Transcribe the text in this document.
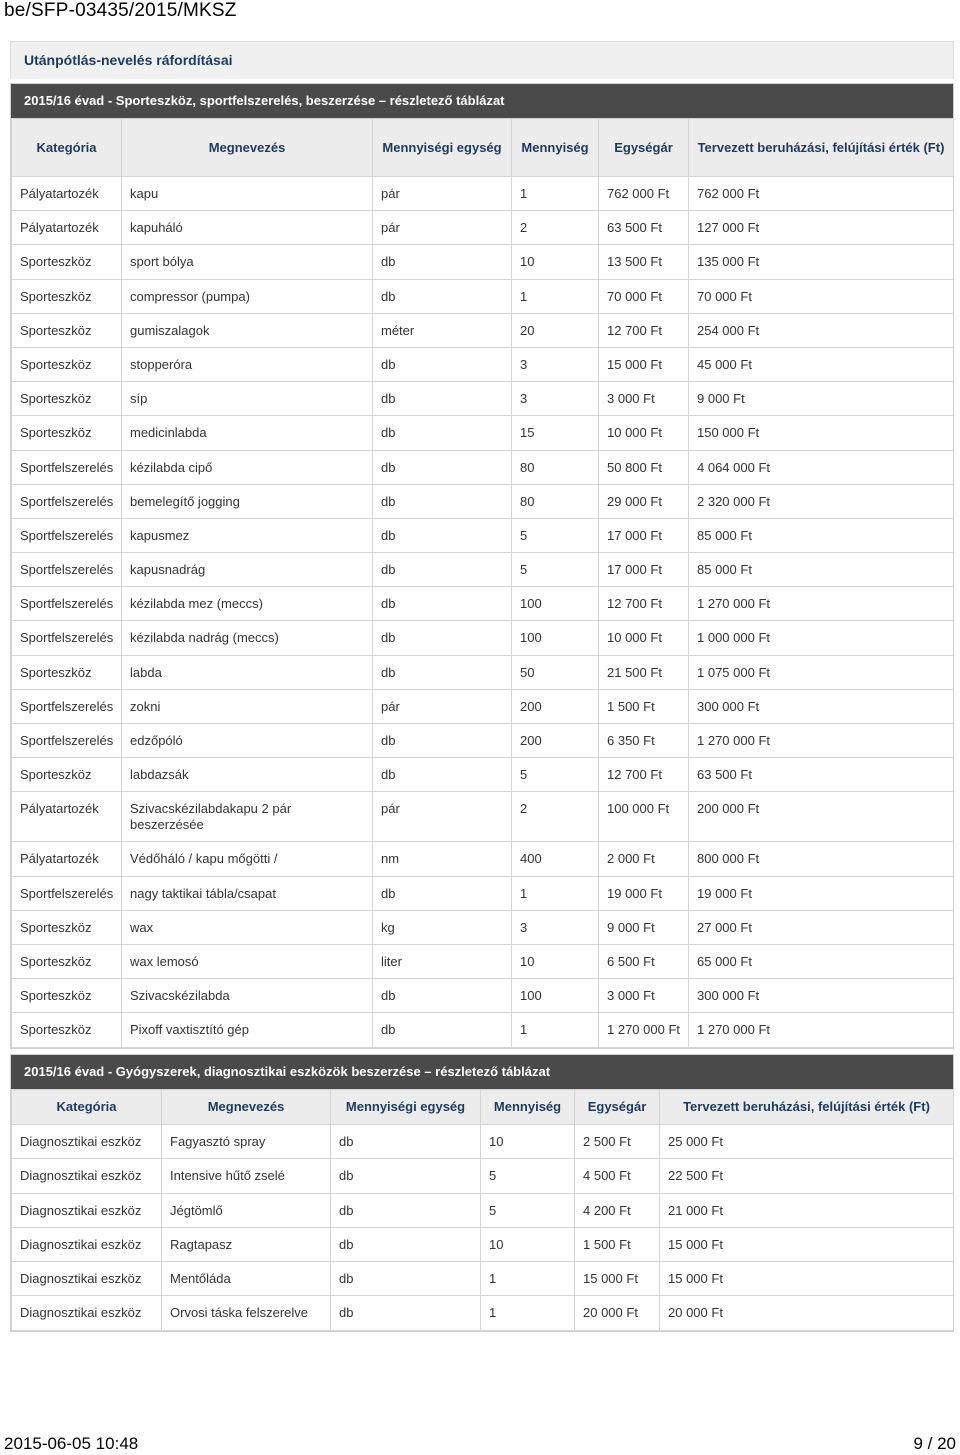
be/SFP-03435/2015/MKSZ
Utánpótlás-nevelés ráfordításai
2015/16 évad - Sporteszköz, sportfelszerelés, beszerzése – részletező táblázat
Kategória	Megnevezés	Mennyiségi egység	Mennyiség	Egységár	Tervezett beruházási, felújítási érték (Ft)
Pályatartozék	kapu	pár	1	762 000 Ft	762 000 Ft
Pályatartozék	kapuháló	pár	2	63 500 Ft	127 000 Ft
Sporteszköz	sport bólya	db	10	13 500 Ft	135 000 Ft
Sporteszköz	compressor (pumpa)	db	1	70 000 Ft	70 000 Ft
Sporteszköz	gumiszalagok	méter	20	12 700 Ft	254 000 Ft
Sporteszköz	stopperóra	db	3	15 000 Ft	45 000 Ft
Sporteszköz	síp	db	3	3 000 Ft	9 000 Ft
Sporteszköz	medicinlabda	db	15	10 000 Ft	150 000 Ft
Sportfelszerelés	kézilabda cipő	db	80	50 800 Ft	4 064 000 Ft
Sportfelszerelés	bemelegítő jogging	db	80	29 000 Ft	2 320 000 Ft
Sportfelszerelés	kapusmez	db	5	17 000 Ft	85 000 Ft
Sportfelszerelés	kapusnadrág	db	5	17 000 Ft	85 000 Ft
Sportfelszerelés	kézilabda mez (meccs)	db	100	12 700 Ft	1 270 000 Ft
Sportfelszerelés	kézilabda nadrág (meccs)	db	100	10 000 Ft	1 000 000 Ft
Sporteszköz	labda	db	50	21 500 Ft	1 075 000 Ft
Sportfelszerelés	zokni	pár	200	1 500 Ft	300 000 Ft
Sportfelszerelés	edzőpóló	db	200	6 350 Ft	1 270 000 Ft
Sporteszköz	labdazsák	db	5	12 700 Ft	63 500 Ft
Pályatartozék	Szivacskézilabdakapu 2 pár beszerzésée	pár	2	100 000 Ft	200 000 Ft
Pályatartozék	Védőháló / kapu mőgötti /	nm	400	2 000 Ft	800 000 Ft
Sportfelszerelés	nagy taktikai tábla/csapat	db	1	19 000 Ft	19 000 Ft
Sporteszköz	wax	kg	3	9 000 Ft	27 000 Ft
Sporteszköz	wax lemosó	liter	10	6 500 Ft	65 000 Ft
Sporteszköz	Szivacskézilabda	db	100	3 000 Ft	300 000 Ft
Sporteszköz	Pixoff vaxtisztító gép	db	1	1 270 000 Ft	1 270 000 Ft
2015/16 évad - Gyógyszerek, diagnosztikai eszközök beszerzése – részletező táblázat
Kategória	Megnevezés	Mennyiségi egység	Mennyiség	Egységár	Tervezett beruházási, felújítási érték (Ft)
Diagnosztikai eszköz	Fagyasztó spray	db	10	2 500 Ft	25 000 Ft
Diagnosztikai eszköz	Intensive hűtő zselé	db	5	4 500 Ft	22 500 Ft
Diagnosztikai eszköz	Jégtömlő	db	5	4 200 Ft	21 000 Ft
Diagnosztikai eszköz	Ragtapasz	db	10	1 500 Ft	15 000 Ft
Diagnosztikai eszköz	Mentőláda	db	1	15 000 Ft	15 000 Ft
Diagnosztikai eszköz	Orvosi táska felszerelve	db	1	20 000 Ft	20 000 Ft
2015-06-05 10:48	9 / 20
